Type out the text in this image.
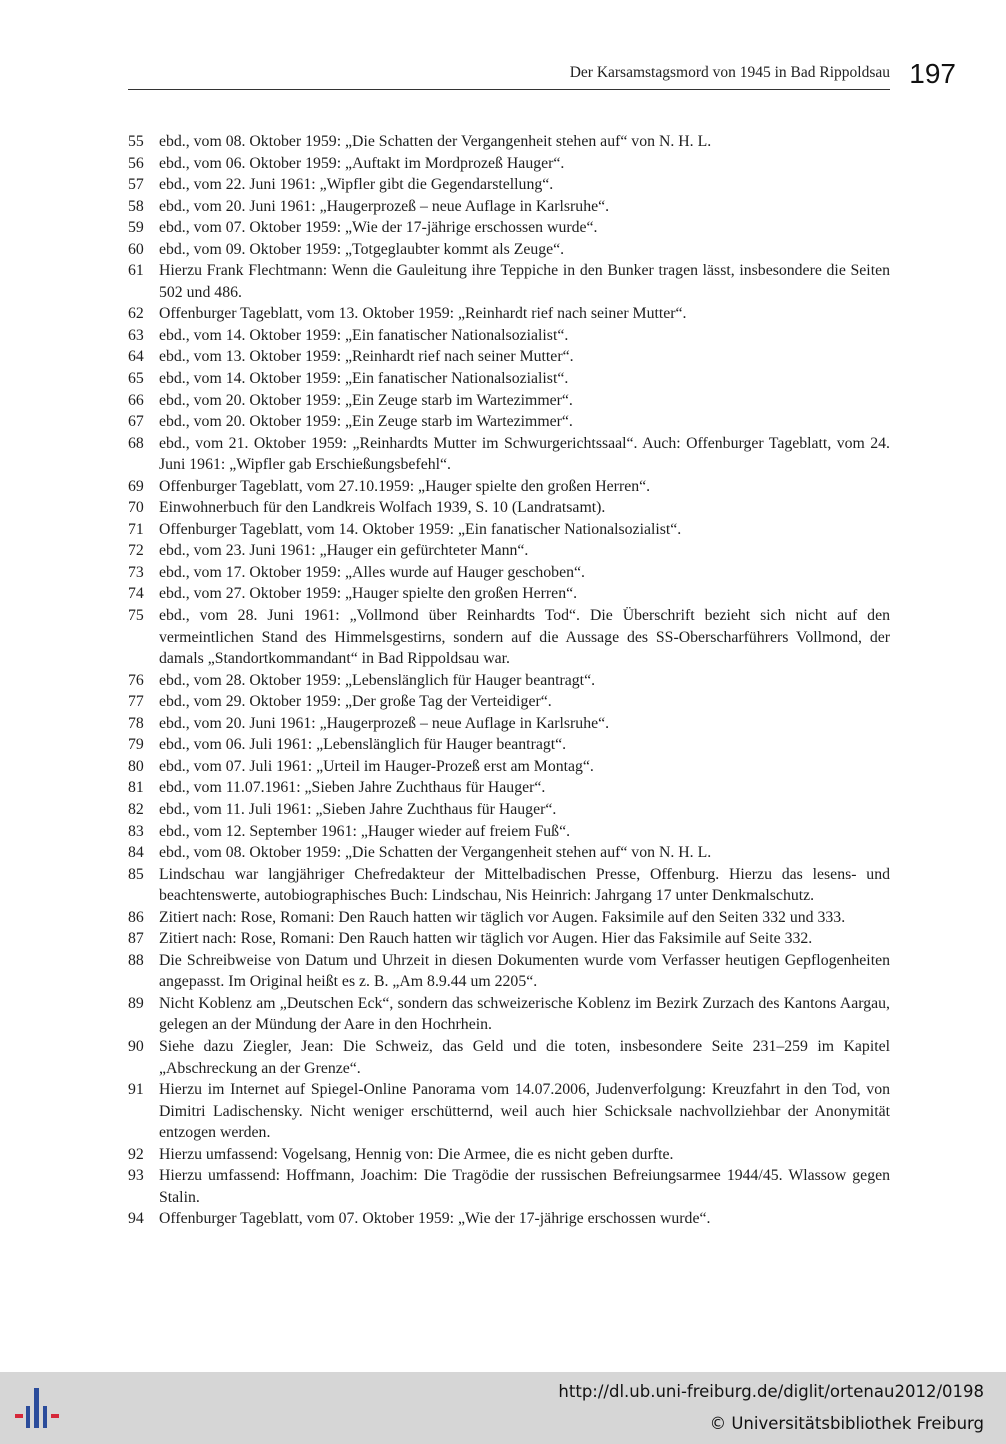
Der Karsamstagsmord von 1945 in Bad Rippoldsau 197
55 ebd., vom 08. Oktober 1959: „Die Schatten der Vergangenheit stehen auf“ von N. H. L.
56 ebd., vom 06. Oktober 1959: „Auftakt im Mordprozeß Hauger“.
57 ebd., vom 22. Juni 1961: „Wipfler gibt die Gegendarstellung“.
58 ebd., vom 20. Juni 1961: „Haugerprozeß – neue Auflage in Karlsruhe“.
59 ebd., vom 07. Oktober 1959: „Wie der 17-jährige erschossen wurde“.
60 ebd., vom 09. Oktober 1959: „Totgeglaubter kommt als Zeuge“.
61 Hierzu Frank Flechtmann: Wenn die Gauleitung ihre Teppiche in den Bunker tragen lässt, insbesondere die Seiten 502 und 486.
62 Offenburger Tageblatt, vom 13. Oktober 1959: „Reinhardt rief nach seiner Mutter“.
63 ebd., vom 14. Oktober 1959: „Ein fanatischer Nationalsozialist“.
64 ebd., vom 13. Oktober 1959: „Reinhardt rief nach seiner Mutter“.
65 ebd., vom 14. Oktober 1959: „Ein fanatischer Nationalsozialist“.
66 ebd., vom 20. Oktober 1959: „Ein Zeuge starb im Wartezimmer“.
67 ebd., vom 20. Oktober 1959: „Ein Zeuge starb im Wartezimmer“.
68 ebd., vom 21. Oktober 1959: „Reinhardts Mutter im Schwurgerichtssaal“. Auch: Offenburger Tageblatt, vom 24. Juni 1961: „Wipfler gab Erschießungsbefehl“.
69 Offenburger Tageblatt, vom 27.10.1959: „Hauger spielte den großen Herren“.
70 Einwohnerbuch für den Landkreis Wolfach 1939, S. 10 (Landratsamt).
71 Offenburger Tageblatt, vom 14. Oktober 1959: „Ein fanatischer Nationalsozialist“.
72 ebd., vom 23. Juni 1961: „Hauger ein gefürchteter Mann“.
73 ebd., vom 17. Oktober 1959: „Alles wurde auf Hauger geschoben“.
74 ebd., vom 27. Oktober 1959: „Hauger spielte den großen Herren“.
75 ebd., vom 28. Juni 1961: „Vollmond über Reinhardts Tod“. Die Überschrift bezieht sich nicht auf den vermeintlichen Stand des Himmelsgestirns, sondern auf die Aussage des SS-Oberscharführers Vollmond, der damals „Standortkommandant“ in Bad Rippoldsau war.
76 ebd., vom 28. Oktober 1959: „Lebenslänglich für Hauger beantragt“.
77 ebd., vom 29. Oktober 1959: „Der große Tag der Verteidiger“.
78 ebd., vom 20. Juni 1961: „Haugerprozeß – neue Auflage in Karlsruhe“.
79 ebd., vom 06. Juli 1961: „Lebenslänglich für Hauger beantragt“.
80 ebd., vom 07. Juli 1961: „Urteil im Hauger-Prozeß erst am Montag“.
81 ebd., vom 11.07.1961: „Sieben Jahre Zuchthaus für Hauger“.
82 ebd., vom 11. Juli 1961: „Sieben Jahre Zuchthaus für Hauger“.
83 ebd., vom 12. September 1961: „Hauger wieder auf freiem Fuß“.
84 ebd., vom 08. Oktober 1959: „Die Schatten der Vergangenheit stehen auf“ von N. H. L.
85 Lindschau war langjähriger Chefredakteur der Mittelbadischen Presse, Offenburg. Hierzu das lesens- und beachtenswerte, autobiographisches Buch: Lindschau, Nis Heinrich: Jahrgang 17 unter Denkmalschutz.
86 Zitiert nach: Rose, Romani: Den Rauch hatten wir täglich vor Augen. Faksimile auf den Seiten 332 und 333.
87 Zitiert nach: Rose, Romani: Den Rauch hatten wir täglich vor Augen. Hier das Faksimile auf Seite 332.
88 Die Schreibweise von Datum und Uhrzeit in diesen Dokumenten wurde vom Verfasser heutigen Gepflogenheiten angepasst. Im Original heißt es z. B. „Am 8.9.44 um 2205“.
89 Nicht Koblenz am „Deutschen Eck“, sondern das schweizerische Koblenz im Bezirk Zurzach des Kantons Aargau, gelegen an der Mündung der Aare in den Hochrhein.
90 Siehe dazu Ziegler, Jean: Die Schweiz, das Geld und die toten, insbesondere Seite 231–259 im Kapitel „Abschreckung an der Grenze“.
91 Hierzu im Internet auf Spiegel-Online Panorama vom 14.07.2006, Judenverfolgung: Kreuzfahrt in den Tod, von Dimitri Ladischensky. Nicht weniger erschütternd, weil auch hier Schicksale nachvollziehbar der Anonymität entzogen werden.
92 Hierzu umfassend: Vogelsang, Hennig von: Die Armee, die es nicht geben durfte.
93 Hierzu umfassend: Hoffmann, Joachim: Die Tragödie der russischen Befreiungsarmee 1944/45. Wlassow gegen Stalin.
94 Offenburger Tageblatt, vom 07. Oktober 1959: „Wie der 17-jährige erschossen wurde“.
http://dl.ub.uni-freiburg.de/diglit/ortenau2012/0198
© Universitätsbibliothek Freiburg
